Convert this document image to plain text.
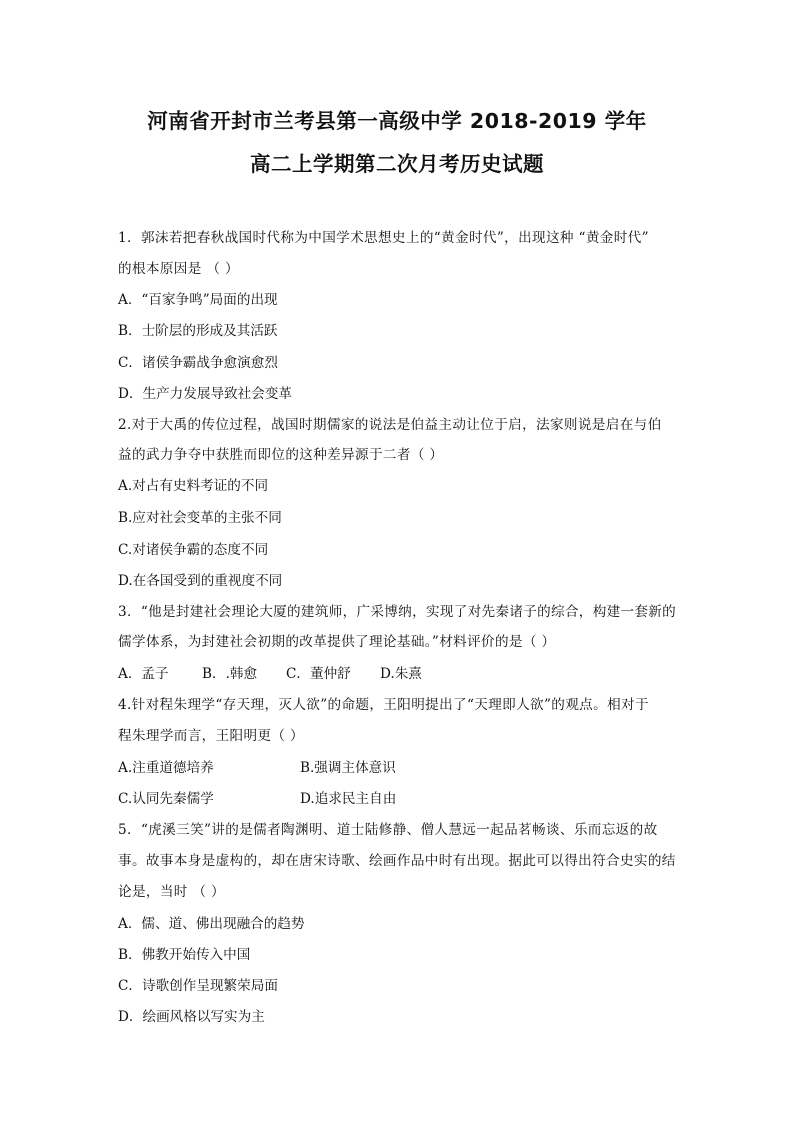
河南省开封市兰考县第一高级中学 2018-2019 学年
高二上学期第二次月考历史试题
1．郭沫若把春秋战国时代称为中国学术思想史上的“黄金时代”，出现这种 “黄金时代”
的根本原因是 （ ）
A．“百家争鸣”局面的出现
B．士阶层的形成及其活跃
C．诸侯争霸战争愈演愈烈
D．生产力发展导致社会变革
2.对于大禹的传位过程，战国时期儒家的说法是伯益主动让位于启，法家则说是启在与伯
益的武力争夺中获胜而即位的这种差异源于二者（ ）
A.对占有史料考证的不同
B.应对社会变革的主张不同
C.对诸侯争霸的态度不同
D.在各国受到的重视度不同
3．“他是封建社会理论大厦的建筑师，广采博纳，实现了对先秦诸子的综合，构建一套新的
儒学体系，为封建社会初期的改革提供了理论基础。”材料评价的是（ ）
A．孟子 B．.韩愈 C．董仲舒 D.朱熹
4.针对程朱理学“存天理，灭人欲”的命题，王阳明提出了“天理即人欲”的观点。相对于
程朱理学而言，王阳明更（ ）
A.注重道德培养	B.强调主体意识
C.认同先秦儒学	D.追求民主自由
5．“虎溪三笑”讲的是儒者陶渊明、道士陆修静、僧人慧远一起品茗畅谈、乐而忘返的故
事。故事本身是虚构的，却在唐宋诗歌、绘画作品中时有出现。据此可以得出符合史实的结
论是，当时 （ ）
A．儒、道、佛出现融合的趋势
B．佛教开始传入中国
C．诗歌创作呈现繁荣局面
D．绘画风格以写实为主
